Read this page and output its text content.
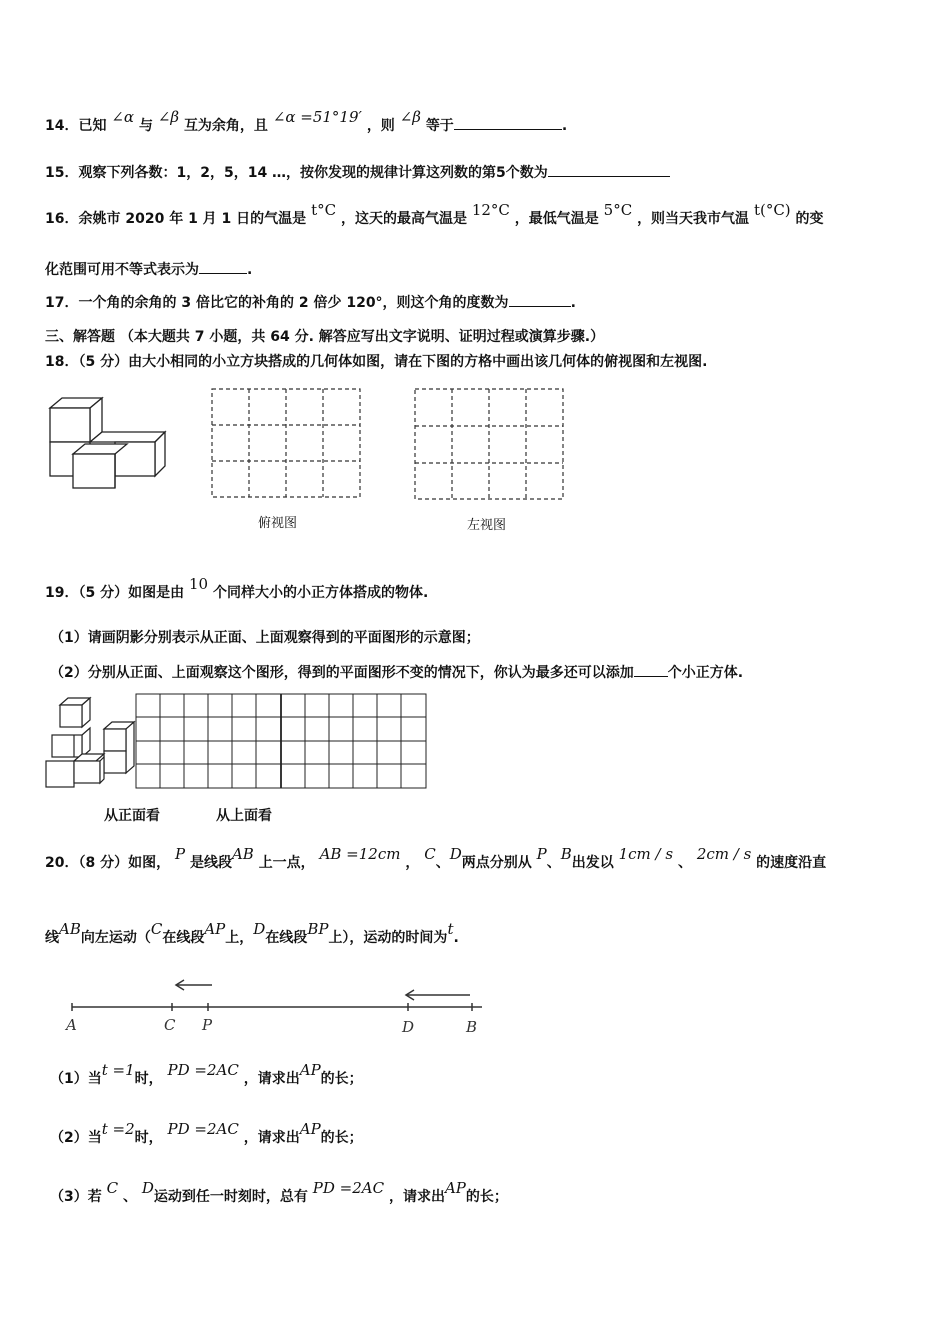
14．已知 ∠α 与 ∠β 互为余角，且 ∠α =51°19′ ，则 ∠β 等于	.
15．观察下列各数：1，2，5，14 …，按你发现的规律计算这列数的第5个数为
16．余姚市 2020 年 1 月 1 日的气温是 t°C ，这天的最高气温是 12°C ，最低气温是 5°C ，则当天我市气温 t(°C) 的变
化范围可用不等式表示为	.
17．一个角的余角的 3 倍比它的补角的 2 倍少 120°，则这个角的度数为	.
三、解答题 （本大题共 7 小题，共 64 分. 解答应写出文字说明、证明过程或演算步骤.）
18．（5 分）由大小相同的小立方块搭成的几何体如图，请在下图的方格中画出该几何体的俯视图和左视图.
俯视图	左视图
19．（5 分）如图是由 10 个同样大小的小正方体搭成的物体.
（1）请画阴影分别表示从正面、上面观察得到的平面图形的示意图；
（2）分别从正面、上面观察这个图形，得到的平面图形不变的情况下，你认为最多还可以添加 个小正方体.
从正面看	从上面看
20．（8 分）如图， P 是线段AB 上一点， AB =12cm ， C、D两点分别从 P、B出发以 1cm / s 、 2cm / s 的速度沿直
线AB向左运动（C在线段AP上，D在线段BP上），运动的时间为t.
A	C P	D	B
（1）当t =1时， PD =2AC ，请求出AP的长；
（2）当t =2时， PD =2AC ，请求出AP的长；
（3）若 C 、 D运动到任一时刻时，总有 PD =2AC ，请求出AP的长；
